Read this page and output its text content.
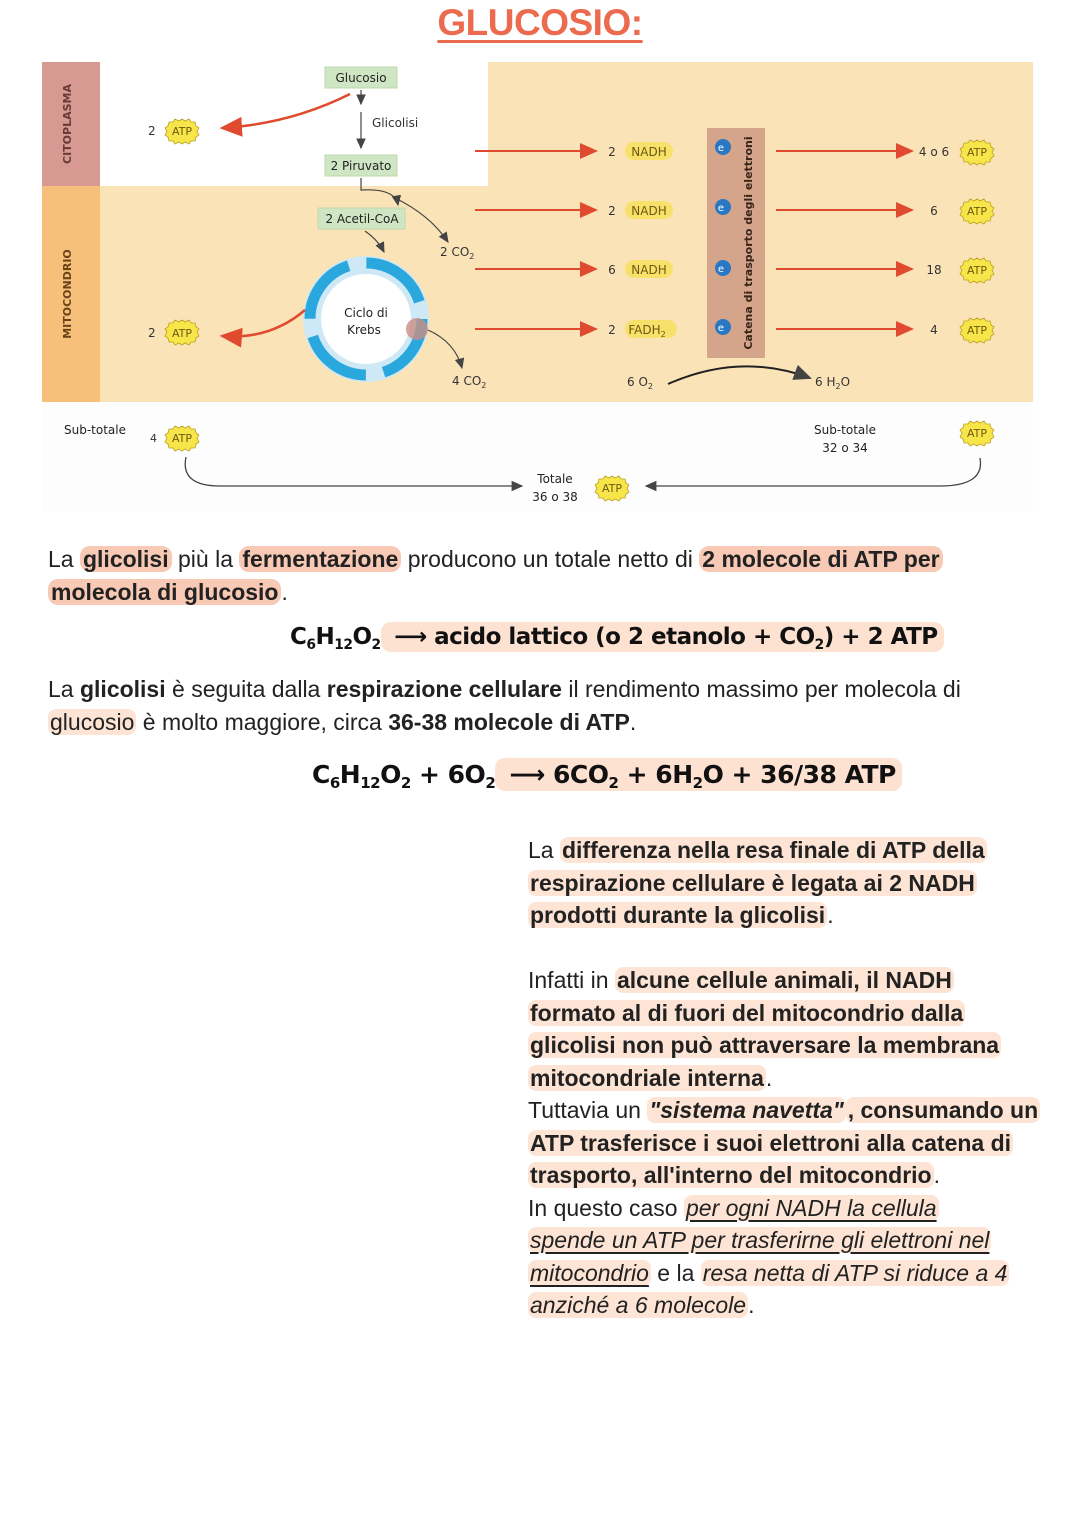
GLUCOSIO:
CITOPLASMA
MITOCONDRIO
Glucosio
Glicolisi
2 Piruvato
2 Acetil-CoA
2 $CO_2$
Ciclo di
Krebs
4 $CO_2$
2 ATP
2 ATP
2 NADH
2 NADH
6 NADH
2 $FADH_2$	Catena di trasporto degli elettroni
e
e
e
e
4 o 6 ATP
6	ATP
18 ATP
4	ATP
6 $O_2$	6 $H_2O$
Sub-totale
4 ATP
Totale
36 o 38
ATP
Sub-totale
32 o 34
ATP
La glicolisi più la fermentazione producono un totale netto di 2 molecole di ATP per
molecola di glucosio .
$C_6H_{12}O_2$ ⟶ acido lattico (o 2 etanolo + $CO_2) + 2$ ATP
La glicolisi è seguita dalla respirazione cellulare il rendimento massimo per molecola di
glucosio è molto maggiore, circa 36-38 molecole di ATP.
$C_6H_{12}O_2 + 6O_2$ ⟶ $6CO_2 + 6H_2O + 36/38$ ATP
La differenza nella resa finale di ATP della
respirazione cellulare è legata ai 2 NADH
prodotti durante la glicolisi.
Infatti in alcune cellule animali, il NADH
formato al di fuori del mitocondrio dalla
glicolisi non può attraversare la membrana
mitocondriale interna.
Tuttavia un "sistema navetta" , consumando un
ATP trasferisce i suoi elettroni alla catena di
trasporto, all'interno del mitocondrio.
In questo caso per ogni NADH la cellula
spende un ATP per trasferirne gli elettroni nel
mitocondrio e la resa netta di ATP si riduce a 4
anziché a 6 molecole.
